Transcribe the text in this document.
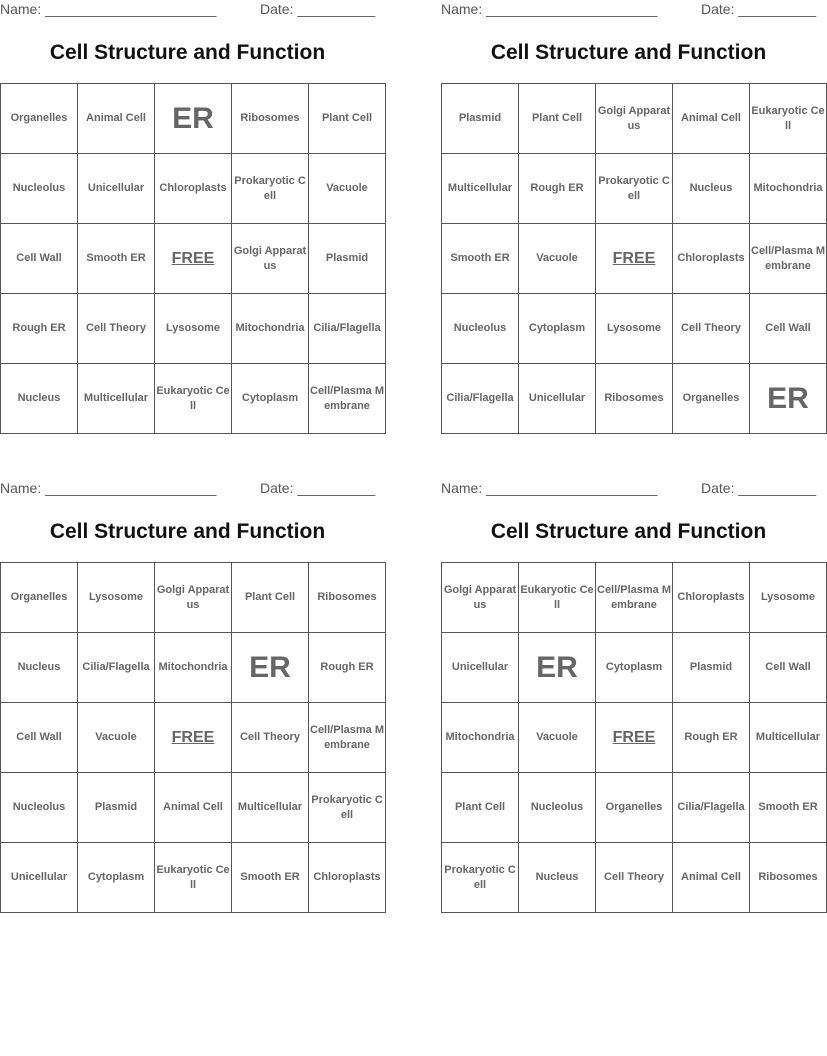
Name: ______________________	Date: __________
Cell Structure and Function
Organelles	Animal Cell	ER	Ribosomes	Plant Cell
Nucleolus	Unicellular	Chloroplasts	Prokaryotic Cell	Vacuole
Cell Wall	Smooth ER	FREE	Golgi Apparatus	Plasmid
Rough ER	Cell Theory	Lysosome	Mitochondria	Cilia/Flagella
Nucleus	Multicellular	Eukaryotic Cell	Cytoplasm	Cell/Plasma Membrane
Name: ______________________	Date: __________
Cell Structure and Function
Plasmid	Plant Cell	Golgi Apparatus	Animal Cell	Eukaryotic Cell
Multicellular	Rough ER	Prokaryotic Cell	Nucleus	Mitochondria
Smooth ER	Vacuole	FREE	Chloroplasts	Cell/Plasma Membrane
Nucleolus	Cytoplasm	Lysosome	Cell Theory	Cell Wall
Cilia/Flagella	Unicellular	Ribosomes	Organelles	ER
Name: ______________________	Date: __________
Cell Structure and Function
Organelles	Lysosome	Golgi Apparatus	Plant Cell	Ribosomes
Nucleus	Cilia/Flagella	Mitochondria	ER	Rough ER
Cell Wall	Vacuole	FREE	Cell Theory	Cell/Plasma Membrane
Nucleolus	Plasmid	Animal Cell	Multicellular	Prokaryotic Cell
Unicellular	Cytoplasm	Eukaryotic Cell	Smooth ER	Chloroplasts
Name: ______________________	Date: __________
Cell Structure and Function
Golgi Apparatus	Eukaryotic Cell	Cell/Plasma Membrane	Chloroplasts	Lysosome
Unicellular	ER	Cytoplasm	Plasmid	Cell Wall
Mitochondria	Vacuole	FREE	Rough ER	Multicellular
Plant Cell	Nucleolus	Organelles	Cilia/Flagella	Smooth ER
Prokaryotic Cell	Nucleus	Cell Theory	Animal Cell	Ribosomes
